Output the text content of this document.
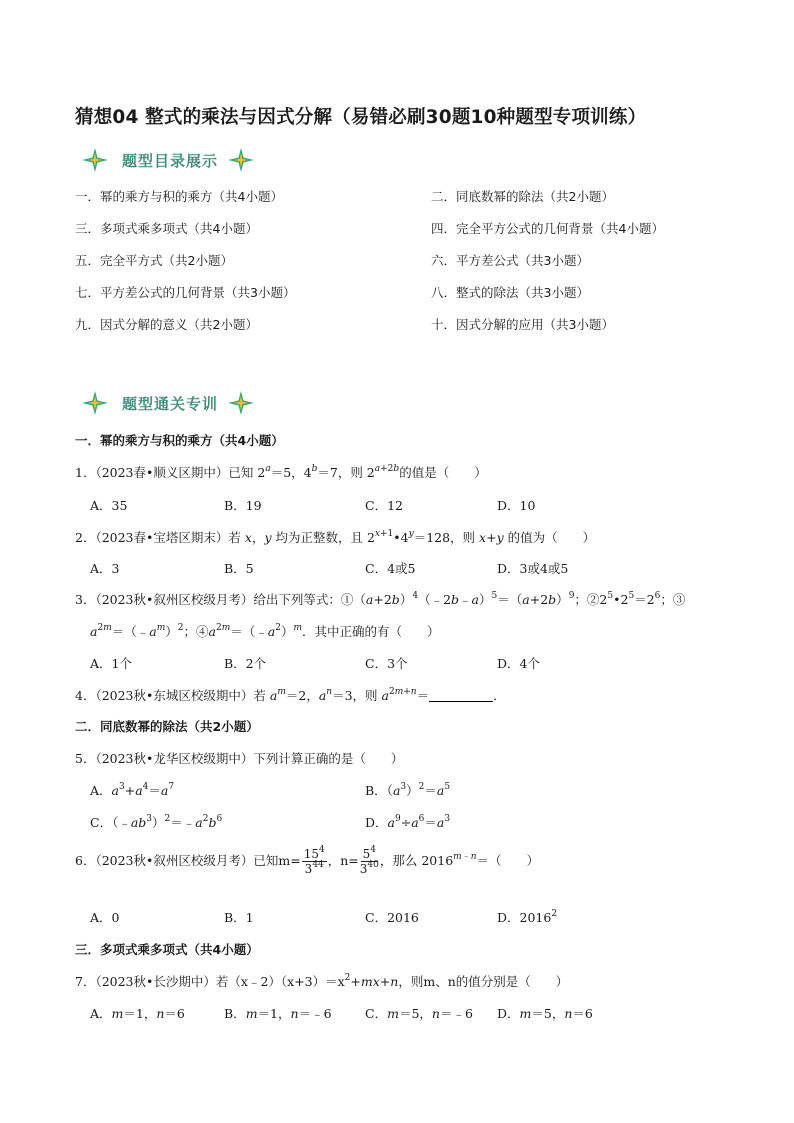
猜想04 整式的乘法与因式分解（易错必刷30题10种题型专项训练）
题型目录展示
一．幂的乘方与积的乘方（共4小题）	二．同底数幂的除法（共2小题）
三．多项式乘多项式（共4小题）	四．完全平方公式的几何背景（共4小题）
五．完全平方式（共2小题）	六．平方差公式（共3小题）
七．平方差公式的几何背景（共3小题）	八．整式的除法（共3小题）
九．因式分解的意义（共2小题）	十．因式分解的应用（共3小题）
题型通关专训
一．幂的乘方与积的乘方（共4小题）
1．（2023春•顺义区期中）已知 $2^a=5$，$4^b=7$，则 $2^{a+2b}$的值是（　　）
A．35	B．19	C．12	D．10
2．（2023春•宝塔区期末）若 x，y 均为正整数，且 $2^{x+1}•4^y=128$，则 x+y 的值为（　　）
A．3	B．5	C．4或5	D．3或4或5
3．（2023秋•叙州区校级月考）给出下列等式：$①(a+2b)^4(﹣2b﹣a)^5=(a+2b)^9$；$②2^5•2^5=2^6$；③
$a^{2m}=(﹣a^m)^2$；$④a^{2m}=(﹣a^2)^m$．其中正确的有（　　）
A．1个	B．2个	C．3个	D．4个
4．（2023秋•东城区校级期中）若 $a^m=2$，$a^n=3$，则 $a^{2m+n}=$	．
二．同底数幂的除法（共2小题）
5．（2023秋•龙华区校级期中）下列计算正确的是（　　）
A．$a^3+a^4=a^7$	B．$(a^3)^2=a^5$
C．$(﹣ab^3)^2=﹣a^2b^6$	D．$a^9\div a^6=a^3$
6．（2023秋•叙州区校级月考）已知$m= \frac{15^4}{3^{44}}$ ，$n= \frac{5^4}{3^{40}}$ ，那么 $2016^{m﹣n}=$（　　）
A．0	B．1	C．2016	D．2016$^2$
三．多项式乘多项式（共4小题）
7．（2023秋•长沙期中）若$(x﹣2)(x+3)=x^2+mx+n$，则m、n的值分别是（　　）
A．m＝1，n＝6	B．m＝1，n＝﹣6	C．m＝5，n＝﹣6 D．m＝5，n＝6
